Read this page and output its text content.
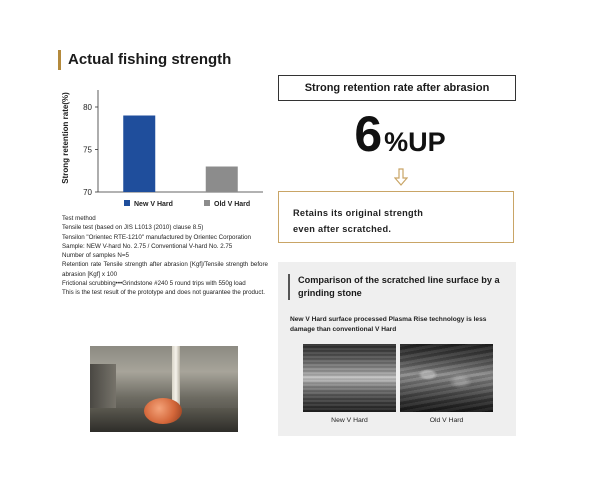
Actual fishing strength
Strong retention rate(%)
70
75
80
New V Hard	Old V Hard
Test method
Tensile test (based on JIS L1013 (2010) clause 8.5)
Tensilon "Orientec RTE-1210" manufactured by Orientec Corporation
Sample: NEW V-hard No. 2.75 / Conventional V-hard No. 2.75
Number of samples N=5
Retention rate Tensile strength after abrasion [Kgf]/Tensile strength before abrasion [Kgf] x 100
Frictional scrubbing•••Grindstone #240 5 round trips with 550g load
This is the test result of the prototype and does not guarantee the product.
Strong retention rate after abrasion
6 %UP
Retains its original strength
even after scratched.
Comparison of the scratched line surface by a grinding stone
New V Hard surface processed Plasma Rise technology is less damage than conventional V Hard
New V Hard	Old V Hard
